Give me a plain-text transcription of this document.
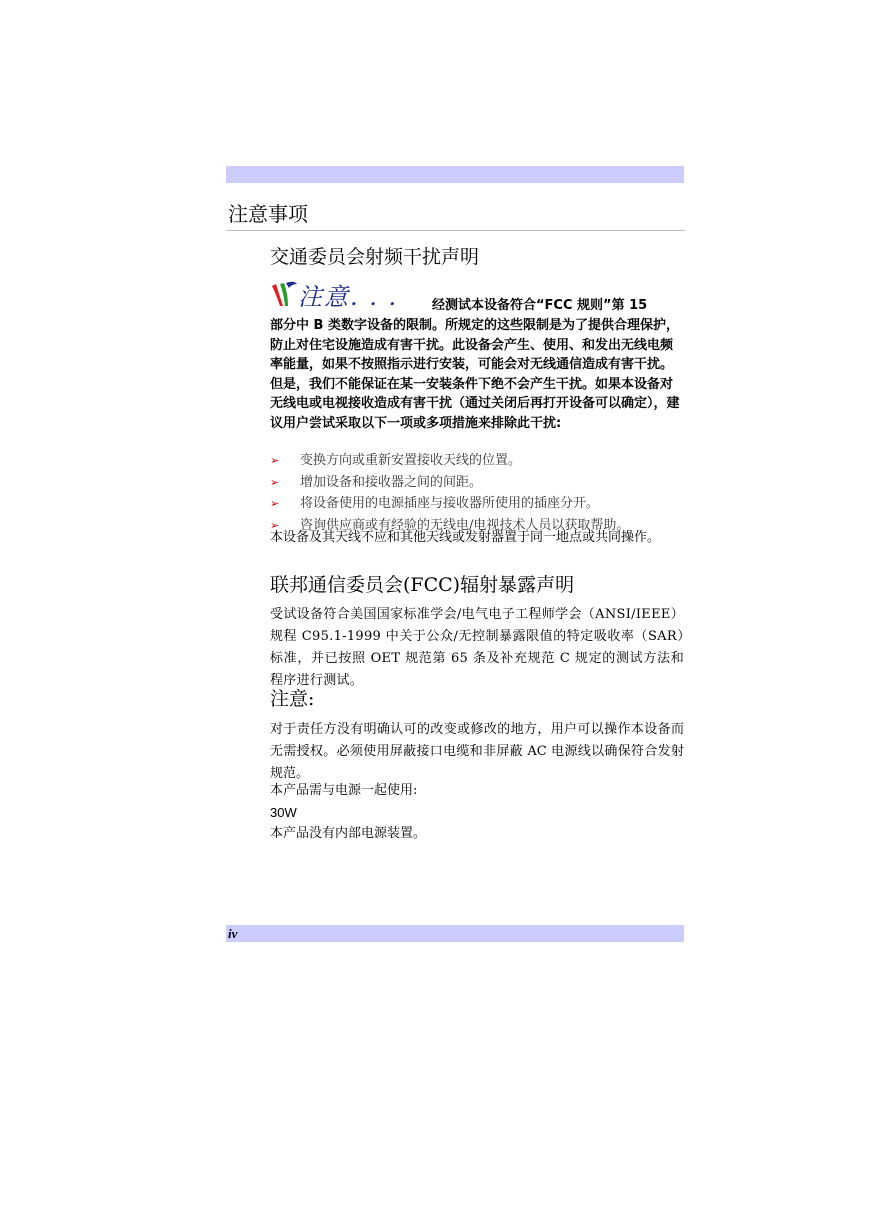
注意事项
交通委员会射频干扰声明
注意. . .	经测试本设备符合“FCC 规则”第 15
部分中 B 类数字设备的限制。所规定的这些限制是为了提供合理保护，防止对住宅设施造成有害干扰。此设备会产生、使用、和发出无线电频率能量，如果不按照指示进行安装，可能会对无线通信造成有害干扰。但是，我们不能保证在某一安装条件下绝不会产生干扰。如果本设备对无线电或电视接收造成有害干扰（通过关闭后再打开设备可以确定），建议用户尝试采取以下一项或多项措施来排除此干扰:
➢ 变换方向或重新安置接收天线的位置。
➢ 增加设备和接收器之间的间距。
➢ 将设备使用的电源插座与接收器所使用的插座分开。
➢ 咨询供应商或有经验的无线电/电视技术人员以获取帮助。
本设备及其天线不应和其他天线或发射器置于同一地点或共同操作。
联邦通信委员会(FCC)辐射暴露声明
受试设备符合美国国家标准学会/电气电子工程师学会（ANSI/IEEE）规程 C95.1-1999 中关于公众/无控制暴露限值的特定吸收率（SAR）标准，并已按照 OET 规范第 65 条及补充规范 C 规定的测试方法和程序进行测试。
注意:
对于责任方没有明确认可的改变或修改的地方，用户可以操作本设备而无需授权。必须使用屏蔽接口电缆和非屏蔽 AC 电源线以确保符合发射规范。
本产品需与电源一起使用:
30W
本产品没有内部电源装置。
iv
